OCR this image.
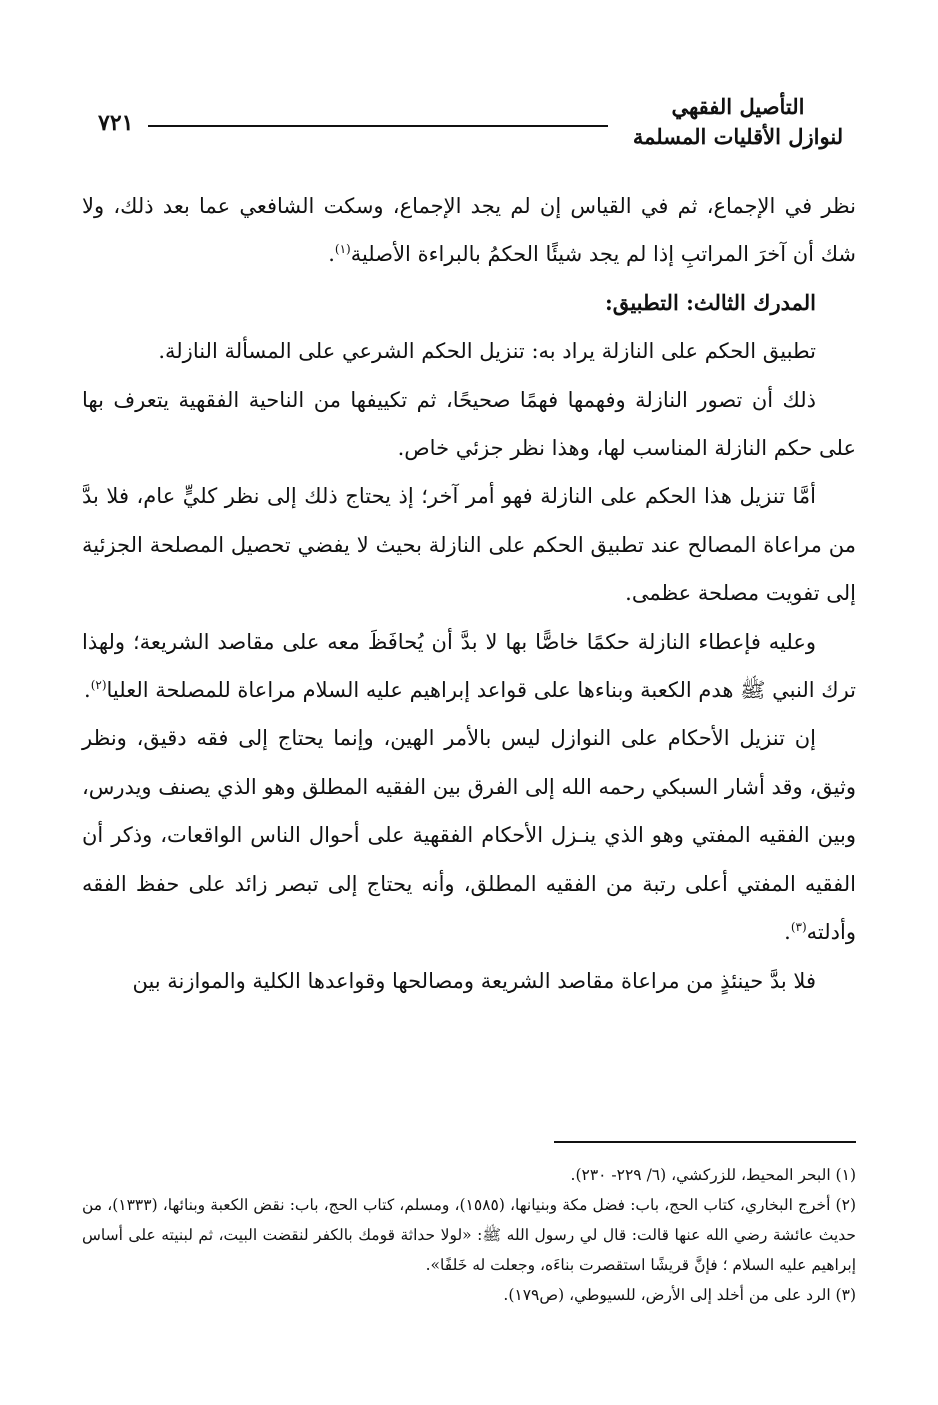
التأصيل الفقهي
لنوازل الأقليات المسلمة
٧٢١

نظر في الإجماع، ثم في القياس إن لم يجد الإجماع، وسكت الشافعي عما بعد ذلك، ولا شك أن آخرَ المراتبِ إذا لم يجد شيئًا الحكمُ بالبراءة الأصلية$^{(١)}$.

المدرك الثالث: التطبيق:

تطبيق الحكم على النازلة يراد به: تنزيل الحكم الشرعي على المسألة النازلة.

ذلك أن تصور النازلة وفهمها فهمًا صحيحًا، ثم تكييفها من الناحية الفقهية يتعرف بها على حكم النازلة المناسب لها، وهذا نظر جزئي خاص.

أمَّا تنزيل هذا الحكم على النازلة فهو أمر آخر؛ إذ يحتاج ذلك إلى نظر كليٍّ عام، فلا بدَّ من مراعاة المصالح عند تطبيق الحكم على النازلة بحيث لا يفضي تحصيل المصلحة الجزئية إلى تفويت مصلحة عظمى.

وعليه فإعطاء النازلة حكمًا خاصًّا بها لا بدَّ أن يُحافَظَ معه على مقاصد الشريعة؛ ولهذا ترك النبي ﷺ هدم الكعبة وبناءها على قواعد إبراهيم عليه السلام مراعاة للمصلحة العليا$^{(٢)}$.

إن تنزيل الأحكام على النوازل ليس بالأمر الهين، وإنما يحتاج إلى فقه دقيق، ونظر وثيق، وقد أشار السبكي رحمه الله إلى الفرق بين الفقيه المطلق وهو الذي يصنف ويدرس، وبين الفقيه المفتي وهو الذي ينـزل الأحكام الفقهية على أحوال الناس الواقعات، وذكر أن الفقيه المفتي أعلى رتبة من الفقيه المطلق، وأنه يحتاج إلى تبصر زائد على حفظ الفقه وأدلته$^{(٣)}$.

فلا بدَّ حينئذٍ من مراعاة مقاصد الشريعة ومصالحها وقواعدها الكلية والموازنة بين

(١) البحر المحيط، للزركشي، (٦/ ٢٢٩- ٢٣٠).

(٢) أخرج البخاري، كتاب الحج، باب: فضل مكة وبنيانها، (١٥٨٥)، ومسلم، كتاب الحج، باب: نقض الكعبة وبنائها، (١٣٣٣)، من حديث عائشة رضي الله عنها قالت: قال لي رسول الله ﷺ: «لولا حداثة قومك بالكفر لنقضت البيت، ثم لبنيته على أساس إبراهيم عليه السلام ؛ فإنَّ قريشًا استقصرت بناءَه، وجعلت له خَلفًا».

(٣) الرد على من أخلد إلى الأرض، للسيوطي، (ص١٧٩).
